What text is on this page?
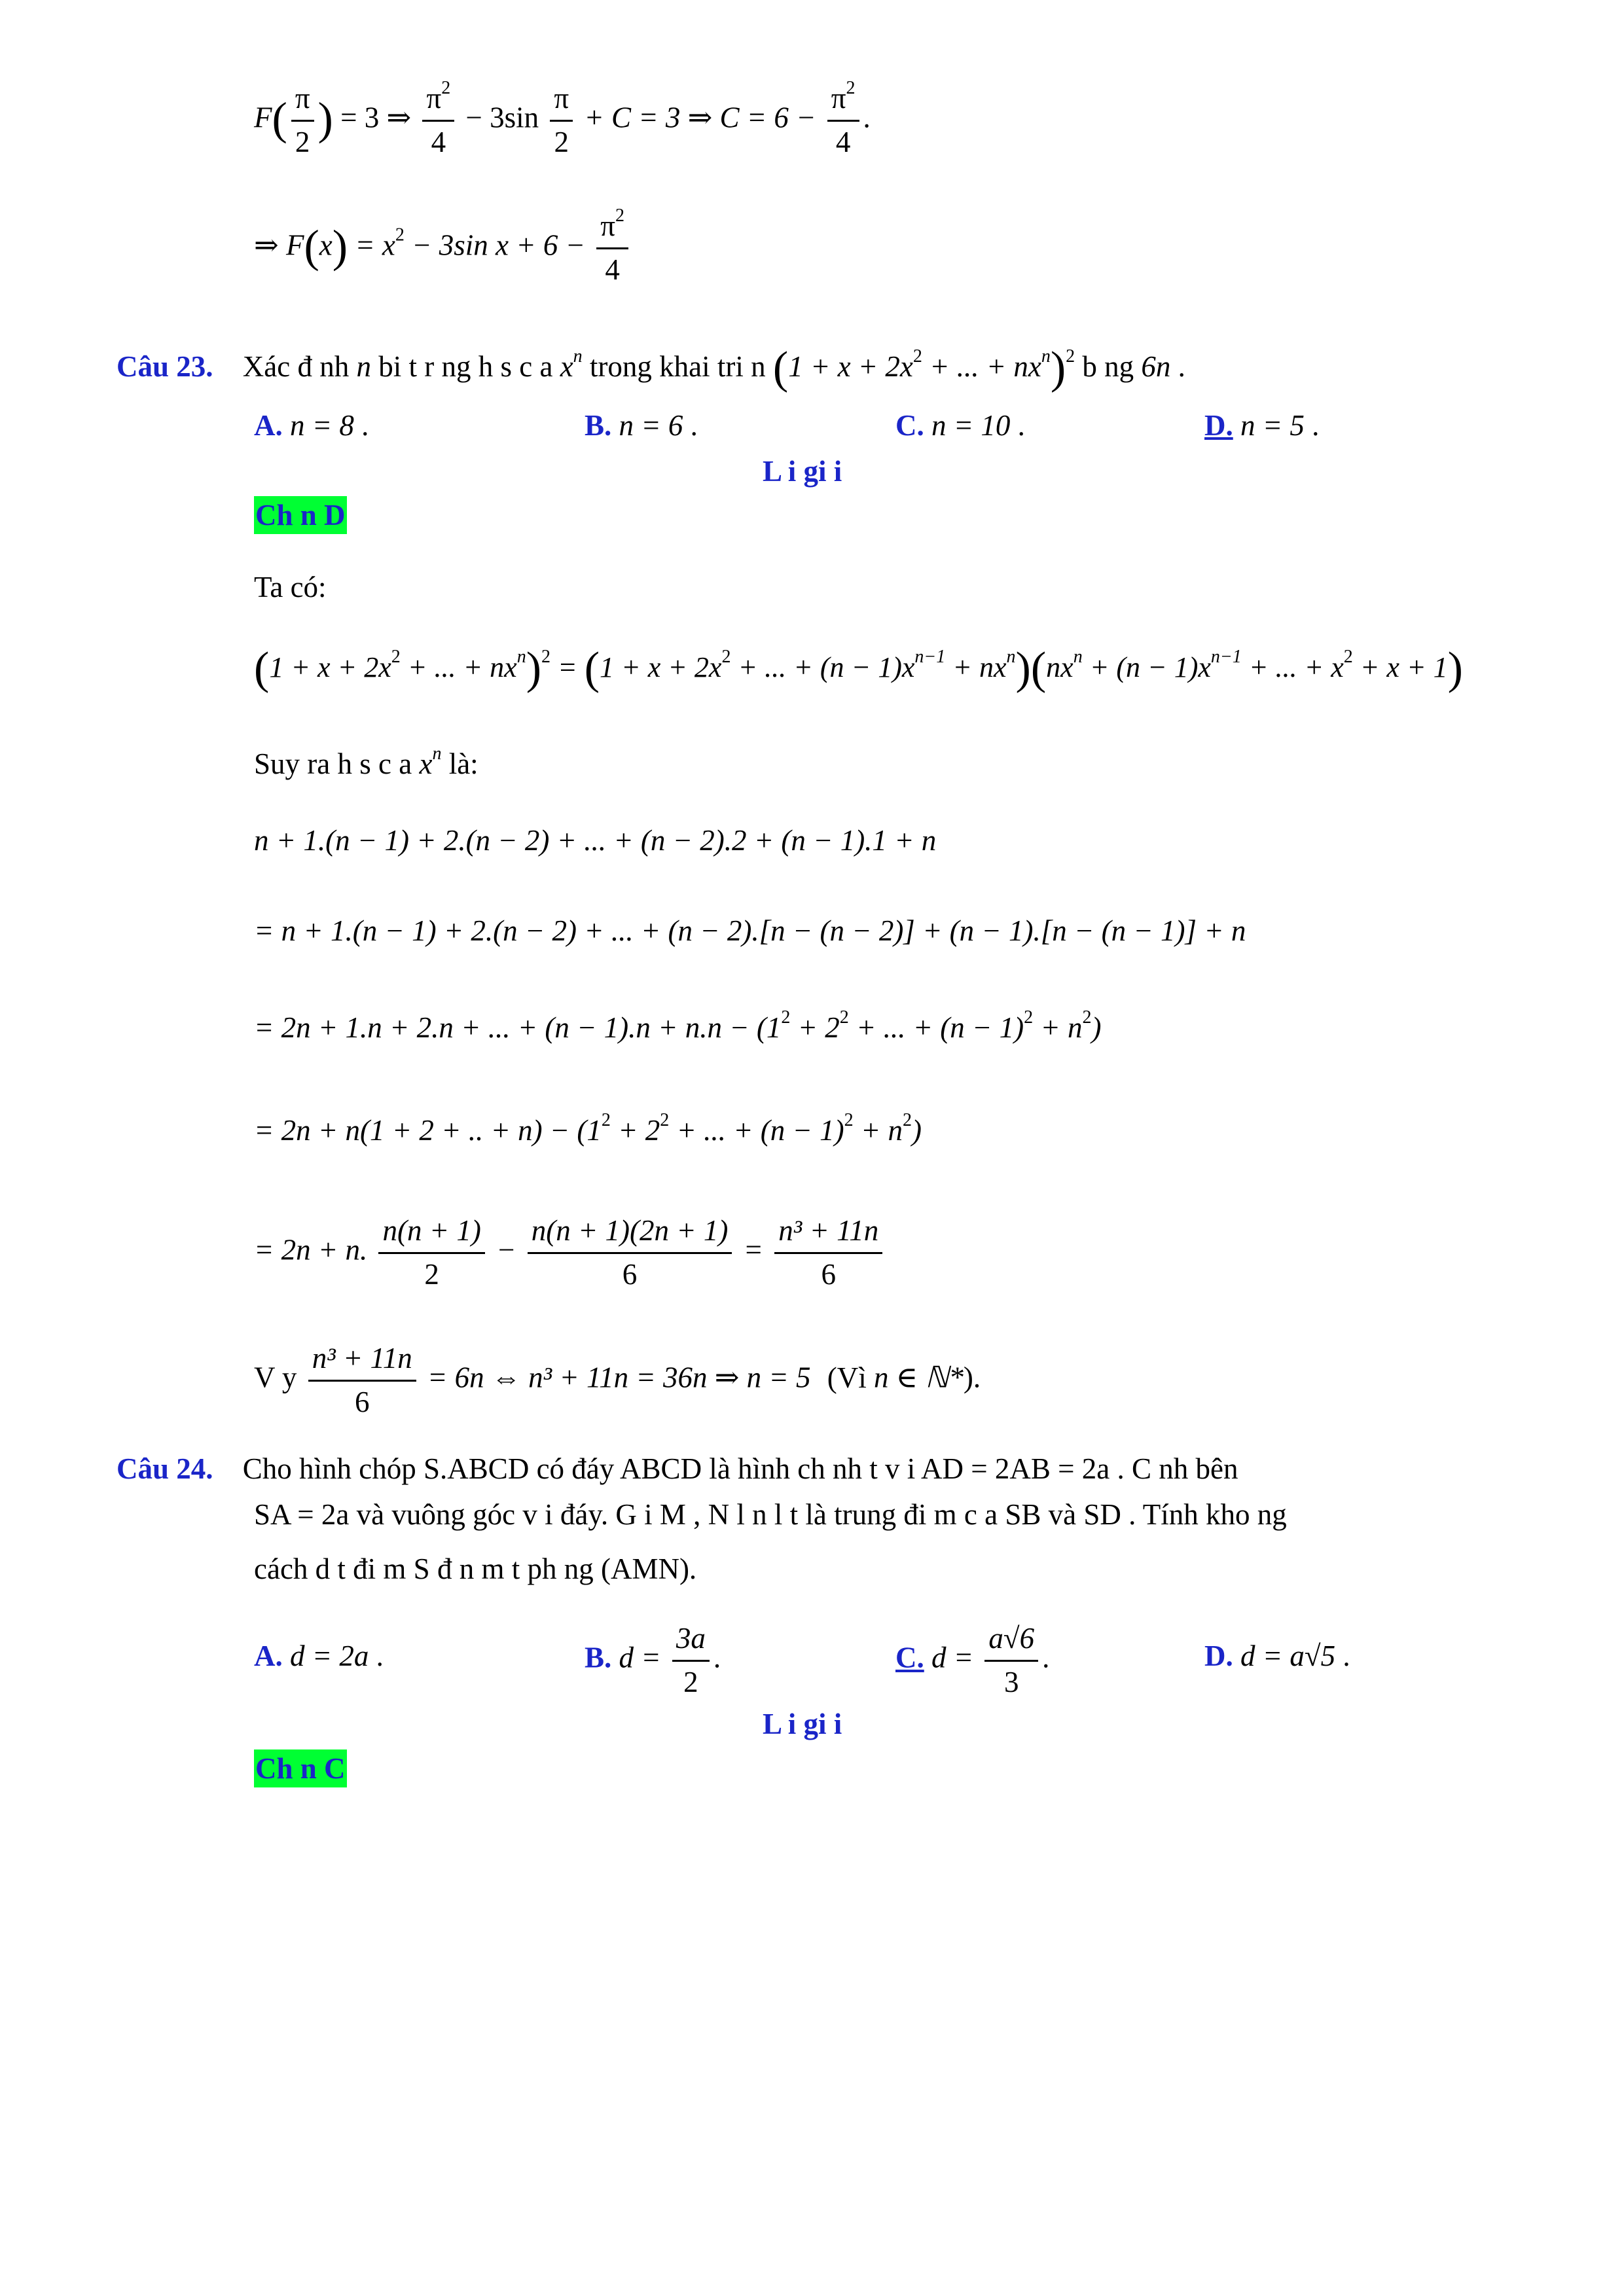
$F( \frac{\pi}{2}$ ) = 3 ⇒ $\frac{\pi^2}{4} - 3\sin \frac{\pi}{2} + C = 3$ ⇒ $C = 6 - \frac{\pi^2}{4}$ .
⇒ $F(x) = x^2 - 3\sin$ $x + 6 - \frac{\pi^2}{4}$
Câu 23. Xác đ nh n bi t r ng h s c a $x^n$ trong khai tri n ($1 + x + 2x^2$ + ... + $nx^n)^2$ b ng 6n .
A. n = 8 .	B. n = 6 .	C. n = 10 .	D. n = 5 .
L i gi i
Ch n D
Ta có:
($1 + x + 2x^2$ + ... + $nx^n)^2 = (1 + x + 2x^2$ + ... + $(n - 1)x^{n-1} + nx^n)(nx^n + (n - 1)x^{n-1}$ + ... + $x^2 + x + 1$)
Suy ra h s c a $x^n$ là:
n + 1.(n − 1) + 2.(n − 2) + ... + (n − 2).2 + (n − 1).1 + n
= n + 1.(n − 1) + 2.(n − 2) + ... + (n − 2).[n − (n − 2)] + (n − 1).[n − (n − 1)] + n
= 2n + 1.n + 2.n + ... + $(n - 1).n + n.n - (1^2 + 2^2$ + ... + $(n - 1)^2 + n^2$)
= 2n + n(1 + 2 + .. + $n) - (1^2 + 2^2$ + ... + $(n - 1)^2 + n^2$)
= 2n + n. $\frac{n(n + 1)}{2} - \frac{n(n + 1)(2n + 1)}{6} = \frac{\text{n³ + 11n}}{6}$
V y $\frac{\text{n³ + 11n}}{6} = 6n$ ⇔ n³ + 11n = 36n ⇒ n = 5 (Vì n ∈ ℕ*).
Câu 24. Cho hình chóp S.ABCD có đáy ABCD là hình ch nh t v i AD = 2AB = 2a . C nh bên
SA = 2a và vuông góc v i đáy. G i M , N l n l t là trung đi m c a SB và SD . Tính kho ng
cách d t đi m S đ n m t ph ng (AMN).
A. d = 2a .	B. $d = \frac{3a}{2}$ .	C. $d = \frac{a√6}{3}$ .	D. d = a√5 .
L i gi i
Ch n C
